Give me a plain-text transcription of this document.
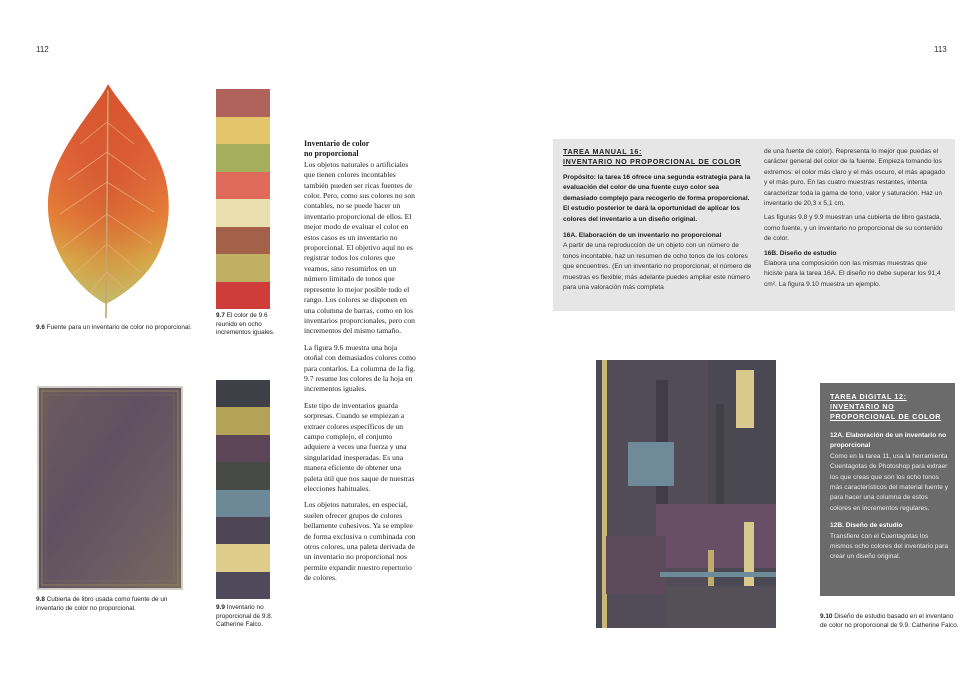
112	113
9.6 Fuente para un inventario de color no proporcional.
9.7 El color de 9.6 reunido en ocho incrementos iguales.
9.8 Cubierta de libro usada como fuente de un inventario de color no proporcional.	9.9 Inventario no proporcional de 9.8. Catherine Falco.
Inventario de color
no proporcional

Los objetos naturales o artificiales que tienen colores incontables también pueden ser ricas fuentes de color. Pero, como sus colores no son contables, no se puede hacer un inventario proporcional de ellos. El mejor modo de evaluar el color en estos casos es un inventario no proporcional. El objetivo aquí no es registrar todos los colores que veamos, sino resumirlos en un número limitado de tonos que represente lo mejor posible todo el rango. Los colores se disponen en una columna de barras, como en los inventarios proporcionales, pero con incrementos del mismo tamaño.

La figura 9.6 muestra una hoja otoñal con demasiados colores como para contarlos. La columna de la fig. 9.7 resume los colores de la hoja en incrementos iguales.

Este tipo de inventarios guarda sorpresas. Cuando se empiezan a extraer colores específicos de un campo complejo, el conjunto adquiere a veces una fuerza y una singularidad inesperadas. Es una manera eficiente de obtener una paleta útil que nos saque de nuestras elecciones habituales.

Los objetos naturales, en especial, suelen ofrecer grupos de colores bellamente cohesivos. Ya se emplee de forma exclusiva o combinada con otros colores, una paleta derivada de un inventario no proporcional nos permite expandir nuestro repertorio de colores.

TAREA MANUAL 16:
INVENTARIO NO PROPORCIONAL DE COLOR
Propósito: la tarea 16 ofrece una segunda estrategia para la evaluación del color de una fuente cuyo color sea demasiado complejo para recogerlo de forma proporcional. El estudio posterior te dará la oportunidad de aplicar los colores del inventario a un diseño original.
16A. Elaboración de un inventario no proporcional
A partir de una reproducción de un objeto con un número de tonos incontable, haz un resumen de ocho tonos de los colores que encuentres. (En un inventario no proporcional, el número de muestras es flexible; más adelante puedes ampliar este número para una valoración más completa
de una fuente de color). Representa lo mejor que puedas el carácter general del color de la fuente. Empieza tomando los extremos: el color más claro y el más oscuro, el más apagado y el más puro. En las cuatro muestras restantes, intenta caracterizar toda la gama de tono, valor y saturación. Haz un inventario de 20,3 x 5,1 cm.
Las figuras 9.8 y 9.9 muestran una cubierta de libro gastada, como fuente, y un inventario no proporcional de su contenido de color.
16B. Diseño de estudio
Elabora una composición con las mismas muestras que hiciste para la tarea 16A. El diseño no debe superar los 91,4 cm². La figura 9.10 muestra un ejemplo.
9.10 Diseño de estudio basado en el inventario de color no proporcional de 9.9. Catherine Falco.
TAREA DIGITAL 12:
INVENTARIO NO
PROPORCIONAL DE COLOR
12A. Elaboración de un inventario no proporcional
Como en la tarea 11, usa la herramienta Cuentagotas de Photoshop para extraer los que creas que son los ocho tonos más característicos del material fuente y para hacer una columna de estos colores en incrementos regulares.
12B. Diseño de estudio
Transfiere con el Cuentagotas los mismos ocho colores del inventario para crear un diseño original.
